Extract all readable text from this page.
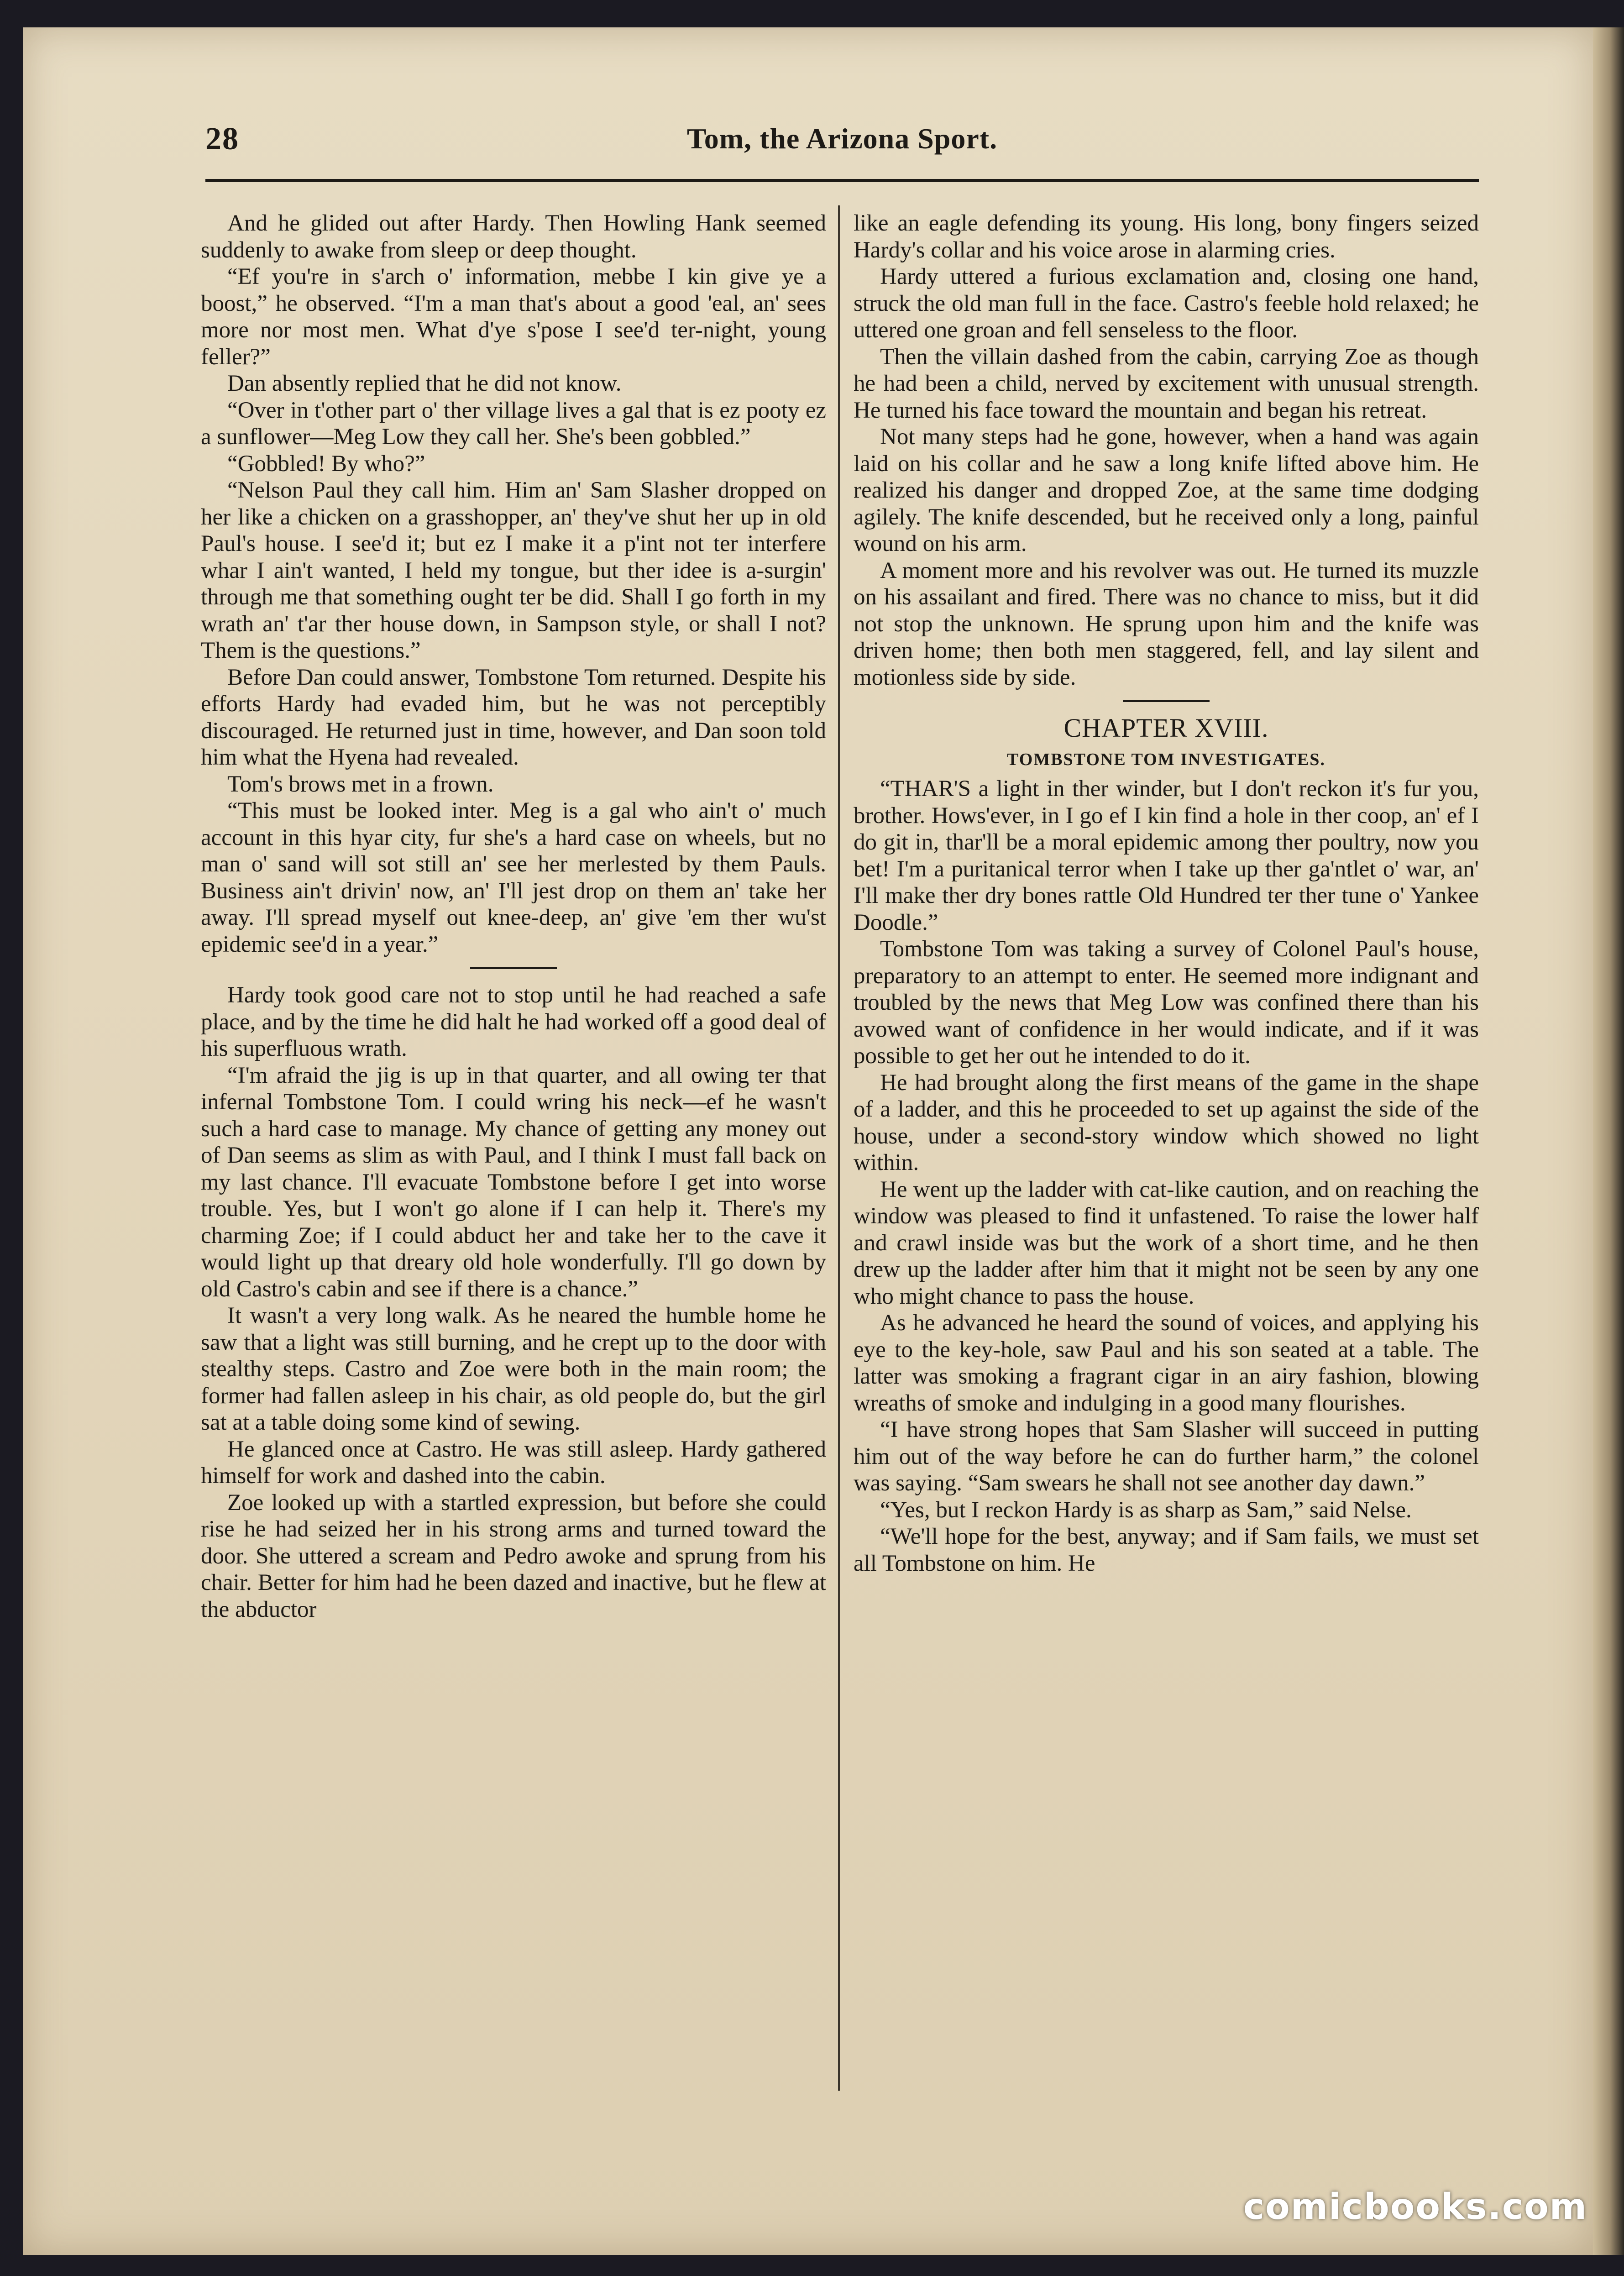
28	Tom, the Arizona Sport.

And he glided out after Hardy. Then Howling Hank seemed suddenly to awake from sleep or deep thought.

“Ef you're in s'arch o' information, mebbe I kin give ye a boost,” he observed. “I'm a man that's about a good 'eal, an' sees more nor most men. What d'ye s'pose I see'd ter-night, young feller?”

Dan absently replied that he did not know.

“Over in t'other part o' ther village lives a gal that is ez pooty ez a sunflower—Meg Low they call her. She's been gobbled.”

“Gobbled! By who?”

“Nelson Paul they call him. Him an' Sam Slasher dropped on her like a chicken on a grasshopper, an' they've shut her up in old Paul's house. I see'd it; but ez I make it a p'int not ter interfere whar I ain't wanted, I held my tongue, but ther idee is a-surgin' through me that something ought ter be did. Shall I go forth in my wrath an' t'ar ther house down, in Sampson style, or shall I not? Them is the questions.”

Before Dan could answer, Tombstone Tom returned. Despite his efforts Hardy had evaded him, but he was not perceptibly discouraged. He returned just in time, however, and Dan soon told him what the Hyena had revealed.

Tom's brows met in a frown.

“This must be looked inter. Meg is a gal who ain't o' much account in this hyar city, fur she's a hard case on wheels, but no man o' sand will sot still an' see her merlested by them Pauls. Business ain't drivin' now, an' I'll jest drop on them an' take her away. I'll spread myself out knee-deep, an' give 'em ther wu'st epidemic see'd in a year.”

Hardy took good care not to stop until he had reached a safe place, and by the time he did halt he had worked off a good deal of his superfluous wrath.

“I'm afraid the jig is up in that quarter, and all owing ter that infernal Tombstone Tom. I could wring his neck—ef he wasn't such a hard case to manage. My chance of getting any money out of Dan seems as slim as with Paul, and I think I must fall back on my last chance. I'll evacuate Tombstone before I get into worse trouble. Yes, but I won't go alone if I can help it. There's my charming Zoe; if I could abduct her and take her to the cave it would light up that dreary old hole wonderfully. I'll go down by old Castro's cabin and see if there is a chance.”

It wasn't a very long walk. As he neared the humble home he saw that a light was still burning, and he crept up to the door with stealthy steps. Castro and Zoe were both in the main room; the former had fallen asleep in his chair, as old people do, but the girl sat at a table doing some kind of sewing.

He glanced once at Castro. He was still asleep. Hardy gathered himself for work and dashed into the cabin.

Zoe looked up with a startled expression, but before she could rise he had seized her in his strong arms and turned toward the door. She uttered a scream and Pedro awoke and sprung from his chair. Better for him had he been dazed and inactive, but he flew at the abductor

like an eagle defending its young. His long, bony fingers seized Hardy's collar and his voice arose in alarming cries.

Hardy uttered a furious exclamation and, closing one hand, struck the old man full in the face. Castro's feeble hold relaxed; he uttered one groan and fell senseless to the floor.

Then the villain dashed from the cabin, carrying Zoe as though he had been a child, nerved by excitement with unusual strength. He turned his face toward the mountain and began his retreat.

Not many steps had he gone, however, when a hand was again laid on his collar and he saw a long knife lifted above him. He realized his danger and dropped Zoe, at the same time dodging agilely. The knife descended, but he received only a long, painful wound on his arm.

A moment more and his revolver was out. He turned its muzzle on his assailant and fired. There was no chance to miss, but it did not stop the unknown. He sprung upon him and the knife was driven home; then both men staggered, fell, and lay silent and motionless side by side.

CHAPTER XVIII.
TOMBSTONE TOM INVESTIGATES.

“THAR'S a light in ther winder, but I don't reckon it's fur you, brother. Hows'ever, in I go ef I kin find a hole in ther coop, an' ef I do git in, thar'll be a moral epidemic among ther poultry, now you bet! I'm a puritanical terror when I take up ther ga'ntlet o' war, an' I'll make ther dry bones rattle Old Hundred ter ther tune o' Yankee Doodle.”

Tombstone Tom was taking a survey of Colonel Paul's house, preparatory to an attempt to enter. He seemed more indignant and troubled by the news that Meg Low was confined there than his avowed want of confidence in her would indicate, and if it was possible to get her out he intended to do it.

He had brought along the first means of the game in the shape of a ladder, and this he proceeded to set up against the side of the house, under a second-story window which showed no light within.

He went up the ladder with cat-like caution, and on reaching the window was pleased to find it unfastened. To raise the lower half and crawl inside was but the work of a short time, and he then drew up the ladder after him that it might not be seen by any one who might chance to pass the house.

As he advanced he heard the sound of voices, and applying his eye to the key-hole, saw Paul and his son seated at a table. The latter was smoking a fragrant cigar in an airy fashion, blowing wreaths of smoke and indulging in a good many flourishes.

“I have strong hopes that Sam Slasher will succeed in putting him out of the way before he can do further harm,” the colonel was saying. “Sam swears he shall not see another day dawn.”

“Yes, but I reckon Hardy is as sharp as Sam,” said Nelse.

“We'll hope for the best, anyway; and if Sam fails, we must set all Tombstone on him. He

comicbooks.com
